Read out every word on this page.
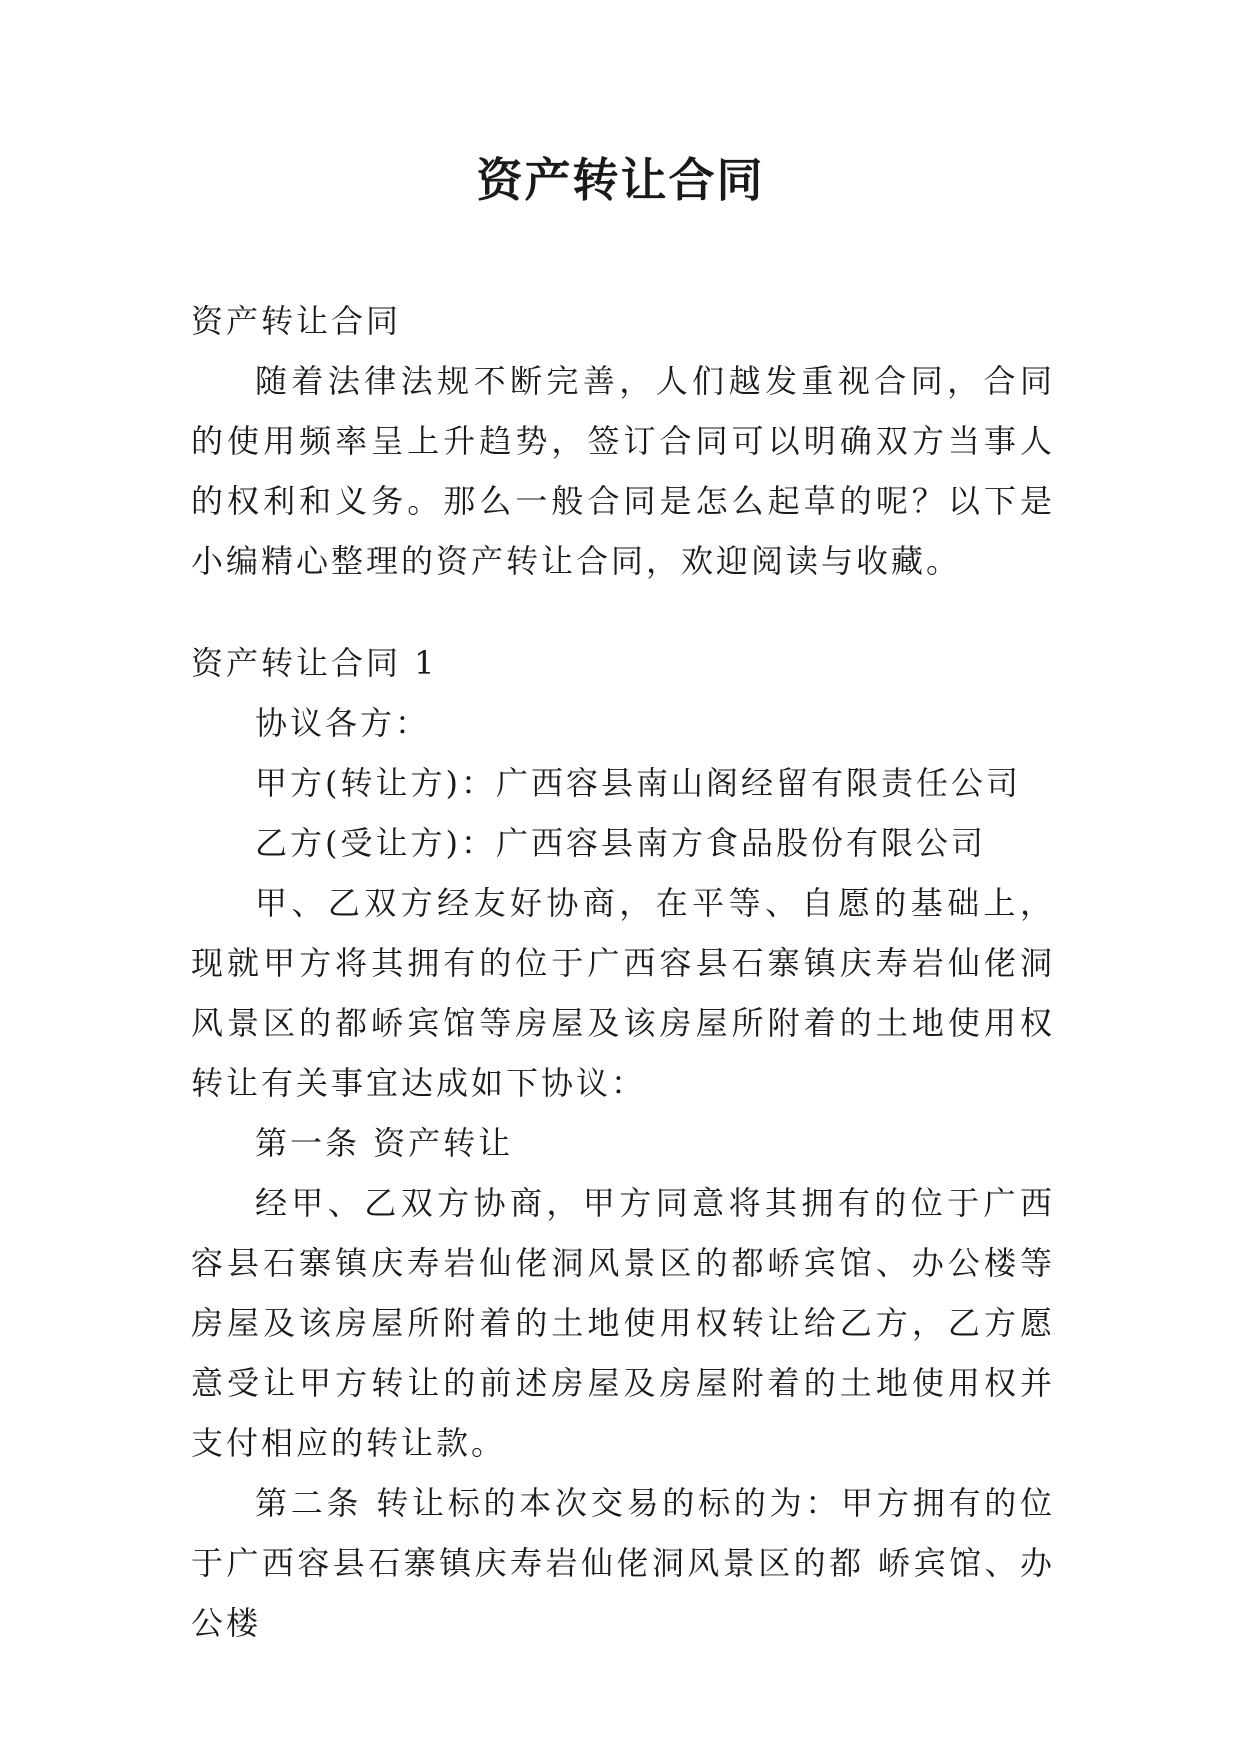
资产转让合同

资产转让合同

随着法律法规不断完善，人们越发重视合同，合同的使用频率呈上升趋势，签订合同可以明确双方当事人的权利和义务。那么一般合同是怎么起草的呢？以下是小编精心整理的资产转让合同，欢迎阅读与收藏。

资产转让合同 1

协议各方：

甲方(转让方)：广西容县南山阁经留有限责任公司

乙方(受让方)：广西容县南方食品股份有限公司

甲、乙双方经友好协商，在平等、自愿的基础上，现就甲方将其拥有的位于广西容县石寨镇庆寿岩仙佬洞风景区的都峤宾馆等房屋及该房屋所附着的土地使用权转让有关事宜达成如下协议：

第一条 资产转让

经甲、乙双方协商，甲方同意将其拥有的位于广西容县石寨镇庆寿岩仙佬洞风景区的都峤宾馆、办公楼等房屋及该房屋所附着的土地使用权转让给乙方，乙方愿意受让甲方转让的前述房屋及房屋附着的土地使用权并支付相应的转让款。

第二条 转让标的本次交易的标的为：甲方拥有的位于广西容县石寨镇庆寿岩仙佬洞风景区的都 峤宾馆、办公楼
